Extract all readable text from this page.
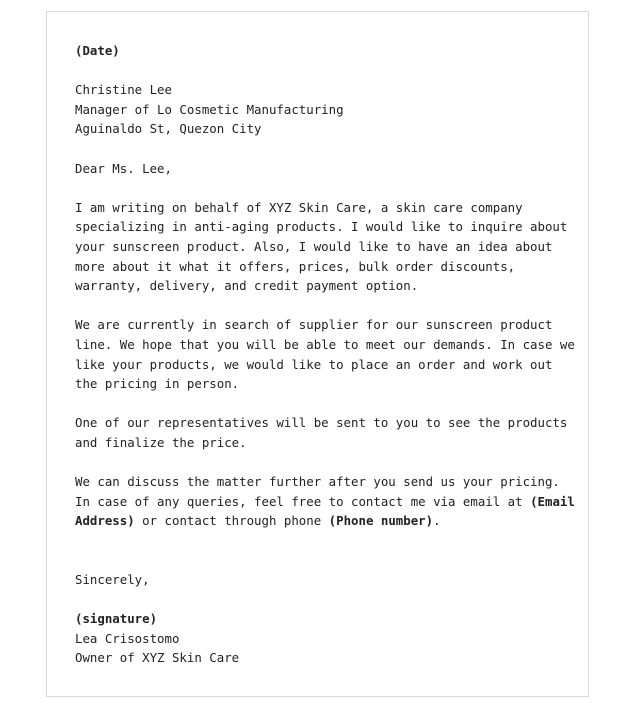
(Date)

Christine Lee

Manager of Lo Cosmetic Manufacturing

Aguinaldo St, Quezon City

Dear Ms. Lee,

I am writing on behalf of XYZ Skin Care, a skin care company

specializing in anti-aging products. I would like to inquire about

your sunscreen product. Also, I would like to have an idea about

more about it what it offers, prices, bulk order discounts,

warranty, delivery, and credit payment option.

We are currently in search of supplier for our sunscreen product

line. We hope that you will be able to meet our demands. In case we

like your products, we would like to place an order and work out

the pricing in person.

One of our representatives will be sent to you to see the products

and finalize the price.

We can discuss the matter further after you send us your pricing.

In case of any queries, feel free to contact me via email at (Email

Address) or contact through phone (Phone number).

Sincerely,

(signature)

Lea Crisostomo

Owner of XYZ Skin Care
